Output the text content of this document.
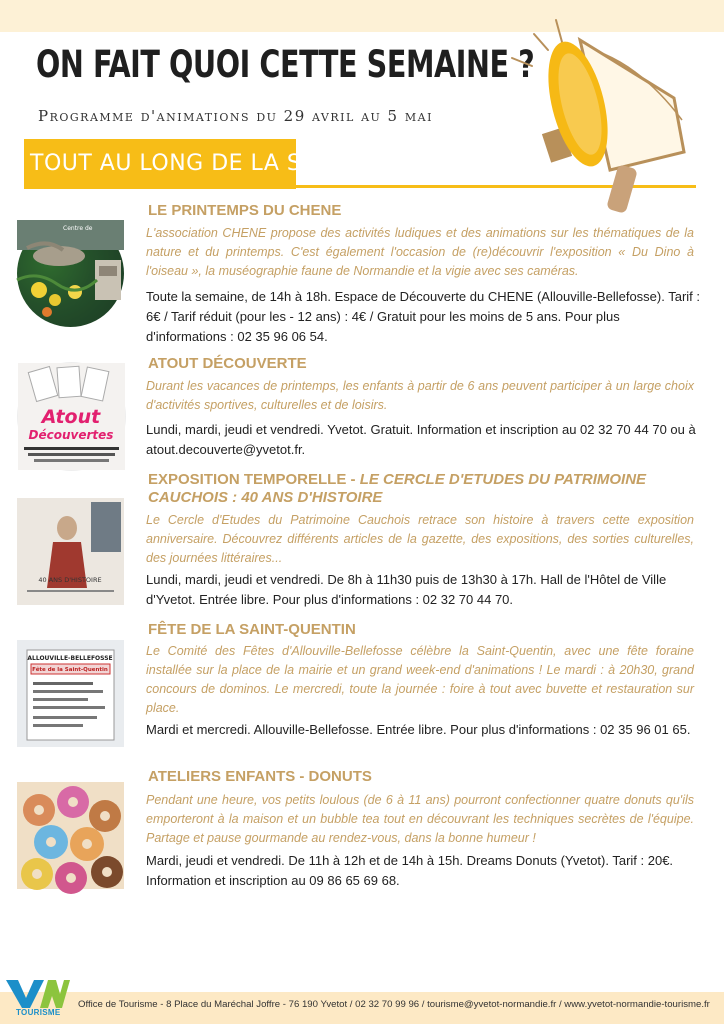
ON FAIT QUOI CETTE SEMAINE ?
Programme d'animations du 29 avril au 5 mai
TOUT AU LONG DE LA SEMAINE
Centre de
LE PRINTEMPS DU CHENE
L'association CHENE propose des activités ludiques et des animations sur les thématiques de la nature et du printemps. C'est également l'occasion de (re)découvrir l'exposition « Du Dino à l'oiseau », la muséographie faune de Normandie et la vigie avec ses caméras.
Toute la semaine, de 14h à 18h. Espace de Découverte du CHENE (Allouville-Bellefosse). Tarif : 6€ / Tarif réduit (pour les - 12 ans) : 4€ / Gratuit pour les moins de 5 ans. Pour plus d'informations : 02 35 96 06 54.
Atout
Découvertes
ATOUT DÉCOUVERTE
Durant les vacances de printemps, les enfants à partir de 6 ans peuvent participer à un large choix d'activités sportives, culturelles et de loisirs.
Lundi, mardi, jeudi et vendredi. Yvetot. Gratuit. Information et inscription au 02 32 70 44 70 ou à atout.decouverte@yvetot.fr.
40 ANS D'HISTOIRE
EXPOSITION TEMPORELLE - LE CERCLE D'ETUDES DU PATRIMOINE CAUCHOIS : 40 ANS D'HISTOIRE
Le Cercle d'Etudes du Patrimoine Cauchois retrace son histoire à travers cette exposition anniversaire. Découvrez différents articles de la gazette, des expositions, des sorties culturelles, des journées littéraires...
Lundi, mardi, jeudi et vendredi. De 8h à 11h30 puis de 13h30 à 17h. Hall de l'Hôtel de Ville d'Yvetot. Entrée libre. Pour plus d'informations : 02 32 70 44 70.
ALLOUVILLE-BELLEFOSSE
Fête de la Saint-Quentin
FÊTE DE LA SAINT-QUENTIN
Le Comité des Fêtes d'Allouville-Bellefosse célèbre la Saint-Quentin, avec une fête foraine installée sur la place de la mairie et un grand week-end d'animations ! Le mardi : à 20h30, grand concours de dominos. Le mercredi, toute la journée : foire à tout avec buvette et restauration sur place.
Mardi et mercredi. Allouville-Bellefosse. Entrée libre. Pour plus d'informations : 02 35 96 01 65.
ATELIERS ENFANTS - DONUTS
Pendant une heure, vos petits loulous (de 6 à 11 ans) pourront confectionner quatre donuts qu'ils emporteront à la maison et un bubble tea tout en découvrant les techniques secrètes de l'équipe. Partage et pause gourmande au rendez-vous, dans la bonne humeur !
Mardi, jeudi et vendredi. De 11h à 12h et de 14h à 15h. Dreams Donuts (Yvetot). Tarif : 20€. Information et inscription au 09 86 65 69 68.
Office de Tourisme - 8 Place du Maréchal Joffre - 76 190 Yvetot / 02 32 70 99 96 / tourisme@yvetot-normandie.fr / www.yvetot-normandie-tourisme.fr
TOURISME
